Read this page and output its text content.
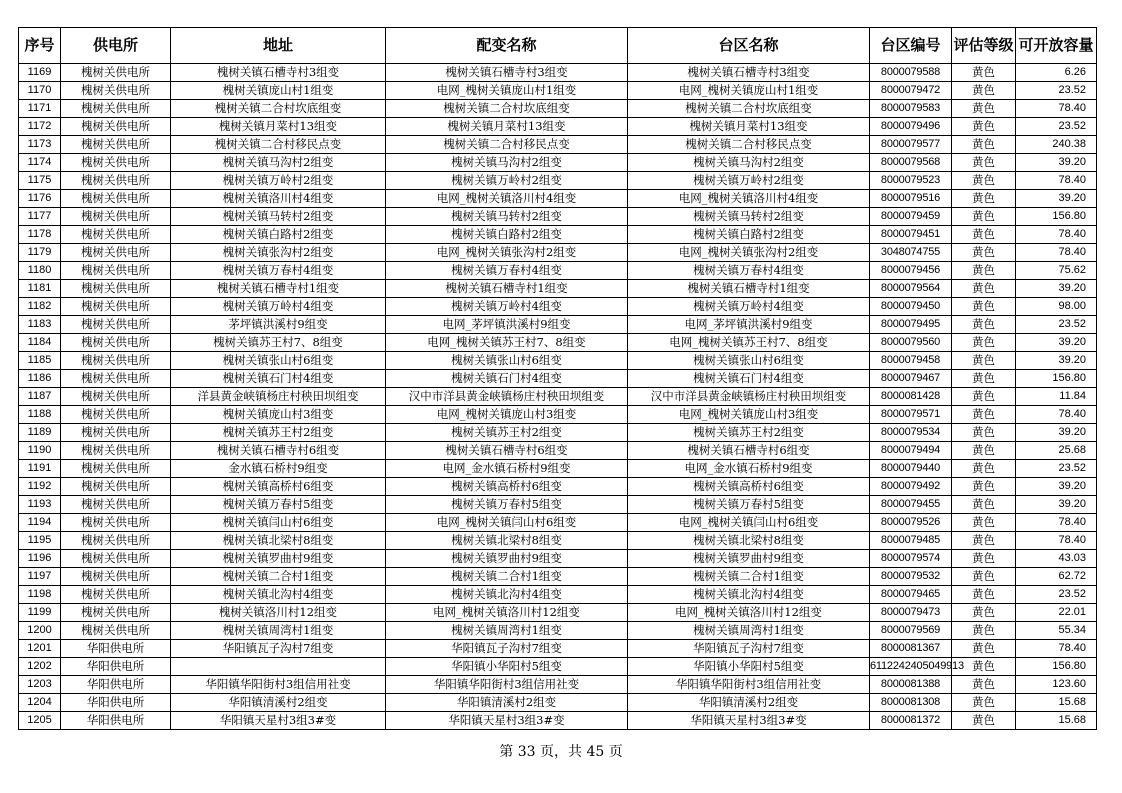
序号	供电所	地址	配变名称	台区名称	台区编号	评估等级	可开放容量
1169	槐树关供电所	槐树关镇石槽寺村3组变	槐树关镇石槽寺村3组变	槐树关镇石槽寺村3组变	8000079588	黄色	6.26
1170	槐树关供电所	槐树关镇庞山村1组变	电网_槐树关镇庞山村1组变	电网_槐树关镇庞山村1组变	8000079472	黄色	23.52
1171	槐树关供电所	槐树关镇二合村坎底组变	槐树关镇二合村坎底组变	槐树关镇二合村坎底组变	8000079583	黄色	78.40
1172	槐树关供电所	槐树关镇月菜村13组变	槐树关镇月菜村13组变	槐树关镇月菜村13组变	8000079496	黄色	23.52
1173	槐树关供电所	槐树关镇二合村移民点变	槐树关镇二合村移民点变	槐树关镇二合村移民点变	8000079577	黄色	240.38
1174	槐树关供电所	槐树关镇马沟村2组变	槐树关镇马沟村2组变	槐树关镇马沟村2组变	8000079568	黄色	39.20
1175	槐树关供电所	槐树关镇万岭村2组变	槐树关镇万岭村2组变	槐树关镇万岭村2组变	8000079523	黄色	78.40
1176	槐树关供电所	槐树关镇洛川村4组变	电网_槐树关镇洛川村4组变	电网_槐树关镇洛川村4组变	8000079516	黄色	39.20
1177	槐树关供电所	槐树关镇马转村2组变	槐树关镇马转村2组变	槐树关镇马转村2组变	8000079459	黄色	156.80
1178	槐树关供电所	槐树关镇白路村2组变	槐树关镇白路村2组变	槐树关镇白路村2组变	8000079451	黄色	78.40
1179	槐树关供电所	槐树关镇张沟村2组变	电网_槐树关镇张沟村2组变	电网_槐树关镇张沟村2组变	3048074755	黄色	78.40
1180	槐树关供电所	槐树关镇万春村4组变	槐树关镇万春村4组变	槐树关镇万春村4组变	8000079456	黄色	75.62
1181	槐树关供电所	槐树关镇石槽寺村1组变	槐树关镇石槽寺村1组变	槐树关镇石槽寺村1组变	8000079564	黄色	39.20
1182	槐树关供电所	槐树关镇万岭村4组变	槐树关镇万岭村4组变	槐树关镇万岭村4组变	8000079450	黄色	98.00
1183	槐树关供电所	茅坪镇洪溪村9组变	电网_茅坪镇洪溪村9组变	电网_茅坪镇洪溪村9组变	8000079495	黄色	23.52
1184	槐树关供电所	槐树关镇苏王村7、8组变	电网_槐树关镇苏王村7、8组变	电网_槐树关镇苏王村7、8组变	8000079560	黄色	39.20
1185	槐树关供电所	槐树关镇张山村6组变	槐树关镇张山村6组变	槐树关镇张山村6组变	8000079458	黄色	39.20
1186	槐树关供电所	槐树关镇石门村4组变	槐树关镇石门村4组变	槐树关镇石门村4组变	8000079467	黄色	156.80
1187	槐树关供电所	洋县黄金峡镇杨庄村秧田坝组变	汉中市洋县黄金峡镇杨庄村秧田坝组变	汉中市洋县黄金峡镇杨庄村秧田坝组变	8000081428	黄色	11.84
1188	槐树关供电所	槐树关镇庞山村3组变	电网_槐树关镇庞山村3组变	电网_槐树关镇庞山村3组变	8000079571	黄色	78.40
1189	槐树关供电所	槐树关镇苏王村2组变	槐树关镇苏王村2组变	槐树关镇苏王村2组变	8000079534	黄色	39.20
1190	槐树关供电所	槐树关镇石槽寺村6组变	槐树关镇石槽寺村6组变	槐树关镇石槽寺村6组变	8000079494	黄色	25.68
1191	槐树关供电所	金水镇石桥村9组变	电网_金水镇石桥村9组变	电网_金水镇石桥村9组变	8000079440	黄色	23.52
1192	槐树关供电所	槐树关镇高桥村6组变	槐树关镇高桥村6组变	槐树关镇高桥村6组变	8000079492	黄色	39.20
1193	槐树关供电所	槐树关镇万春村5组变	槐树关镇万春村5组变	槐树关镇万春村5组变	8000079455	黄色	39.20
1194	槐树关供电所	槐树关镇闫山村6组变	电网_槐树关镇闫山村6组变	电网_槐树关镇闫山村6组变	8000079526	黄色	78.40
1195	槐树关供电所	槐树关镇北梁村8组变	槐树关镇北梁村8组变	槐树关镇北梁村8组变	8000079485	黄色	78.40
1196	槐树关供电所	槐树关镇罗曲村9组变	槐树关镇罗曲村9组变	槐树关镇罗曲村9组变	8000079574	黄色	43.03
1197	槐树关供电所	槐树关镇二合村1组变	槐树关镇二合村1组变	槐树关镇二合村1组变	8000079532	黄色	62.72
1198	槐树关供电所	槐树关镇北沟村4组变	槐树关镇北沟村4组变	槐树关镇北沟村4组变	8000079465	黄色	23.52
1199	槐树关供电所	槐树关镇洛川村12组变	电网_槐树关镇洛川村12组变	电网_槐树关镇洛川村12组变	8000079473	黄色	22.01
1200	槐树关供电所	槐树关镇周湾村1组变	槐树关镇周湾村1组变	槐树关镇周湾村1组变	8000079569	黄色	55.34
1201	华阳供电所	华阳镇瓦子沟村7组变	华阳镇瓦子沟村7组变	华阳镇瓦子沟村7组变	8000081367	黄色	78.40
1202	华阳供电所		华阳镇小华阳村5组变	华阳镇小华阳村5组变	6112242405049913	黄色	156.80
1203	华阳供电所	华阳镇华阳街村3组信用社变	华阳镇华阳街村3组信用社变	华阳镇华阳街村3组信用社变	8000081388	黄色	123.60
1204	华阳供电所	华阳镇清溪村2组变	华阳镇清溪村2组变	华阳镇清溪村2组变	8000081308	黄色	15.68
1205	华阳供电所	华阳镇天星村3组3#变	华阳镇天星村3组3#变	华阳镇天星村3组3#变	8000081372	黄色	15.68
第 33 页，共 45 页
